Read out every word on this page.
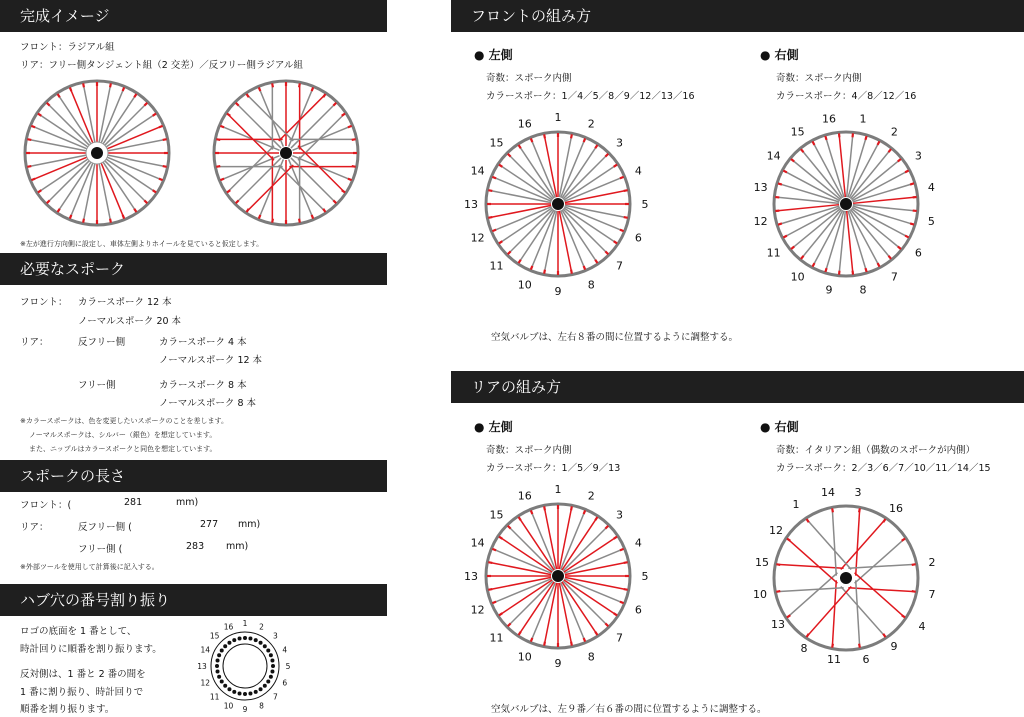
完成イメージ
フロント：ラジアル組
リア：フリー側タンジェント組（2 交差）／反フリー側ラジアル組
※左が進行方向側に設定し、車体左側よりホイールを見ていると仮定します。
必要なスポーク
フロント： カラースポーク 12 本
ノーマルスポーク 20 本
リア：	反フリー側	カラースポーク 4 本
ノーマルスポーク 12 本
フリー側	カラースポーク 8 本
ノーマルスポーク 8 本
※カラースポークは、色を変更したいスポークのことを差します。
ノーマルスポークは、シルバー（銀色）を想定しています。
また、ニップルはカラースポークと同色を想定しています。
スポークの長さ
フロント：(	281	mm)
リア：	反フリー側 (	277 mm)
フリー側 (	283 mm)
※外部ツールを使用して計算後に記入する。
ハブ穴の番号割り振り
ロゴの底面を 1 番として、
時計回りに順番を割り振ります。
反対側は、1 番と 2 番の間を
1 番に割り振り、時計回りで
順番を割り振ります。
1 2
3
4
5
6
7
8
9
10
11
12
13
14
15
16
フロントの組み方
● 左側
奇数：スポーク内側
カラースポーク：1／4／5／8／9／12／13／16
● 右側
奇数：スポーク内側
カラースポーク：4／8／12／16
1
2
3
4
5
6
7
8
9
10
11
12
13
14
15
16	1
2
3
4
5
6
7
8
9
10
11
12
13
14
15
16
空気バルブは、左右８番の間に位置するように調整する。
リアの組み方
● 左側
奇数：スポーク内側
カラースポーク：1／5／9／13
● 右側
奇数：イタリアン組（偶数のスポークが内側）
カラースポーク：2／3／6／7／10／11／14／15
1
2
3
4
5
6
7
8
9
10
11
12
13
14
15
16	3
16
2
7
4
9
6
11
8
13
10
15
12
1
14
空気バルブは、左９番／右６番の間に位置するように調整する。
